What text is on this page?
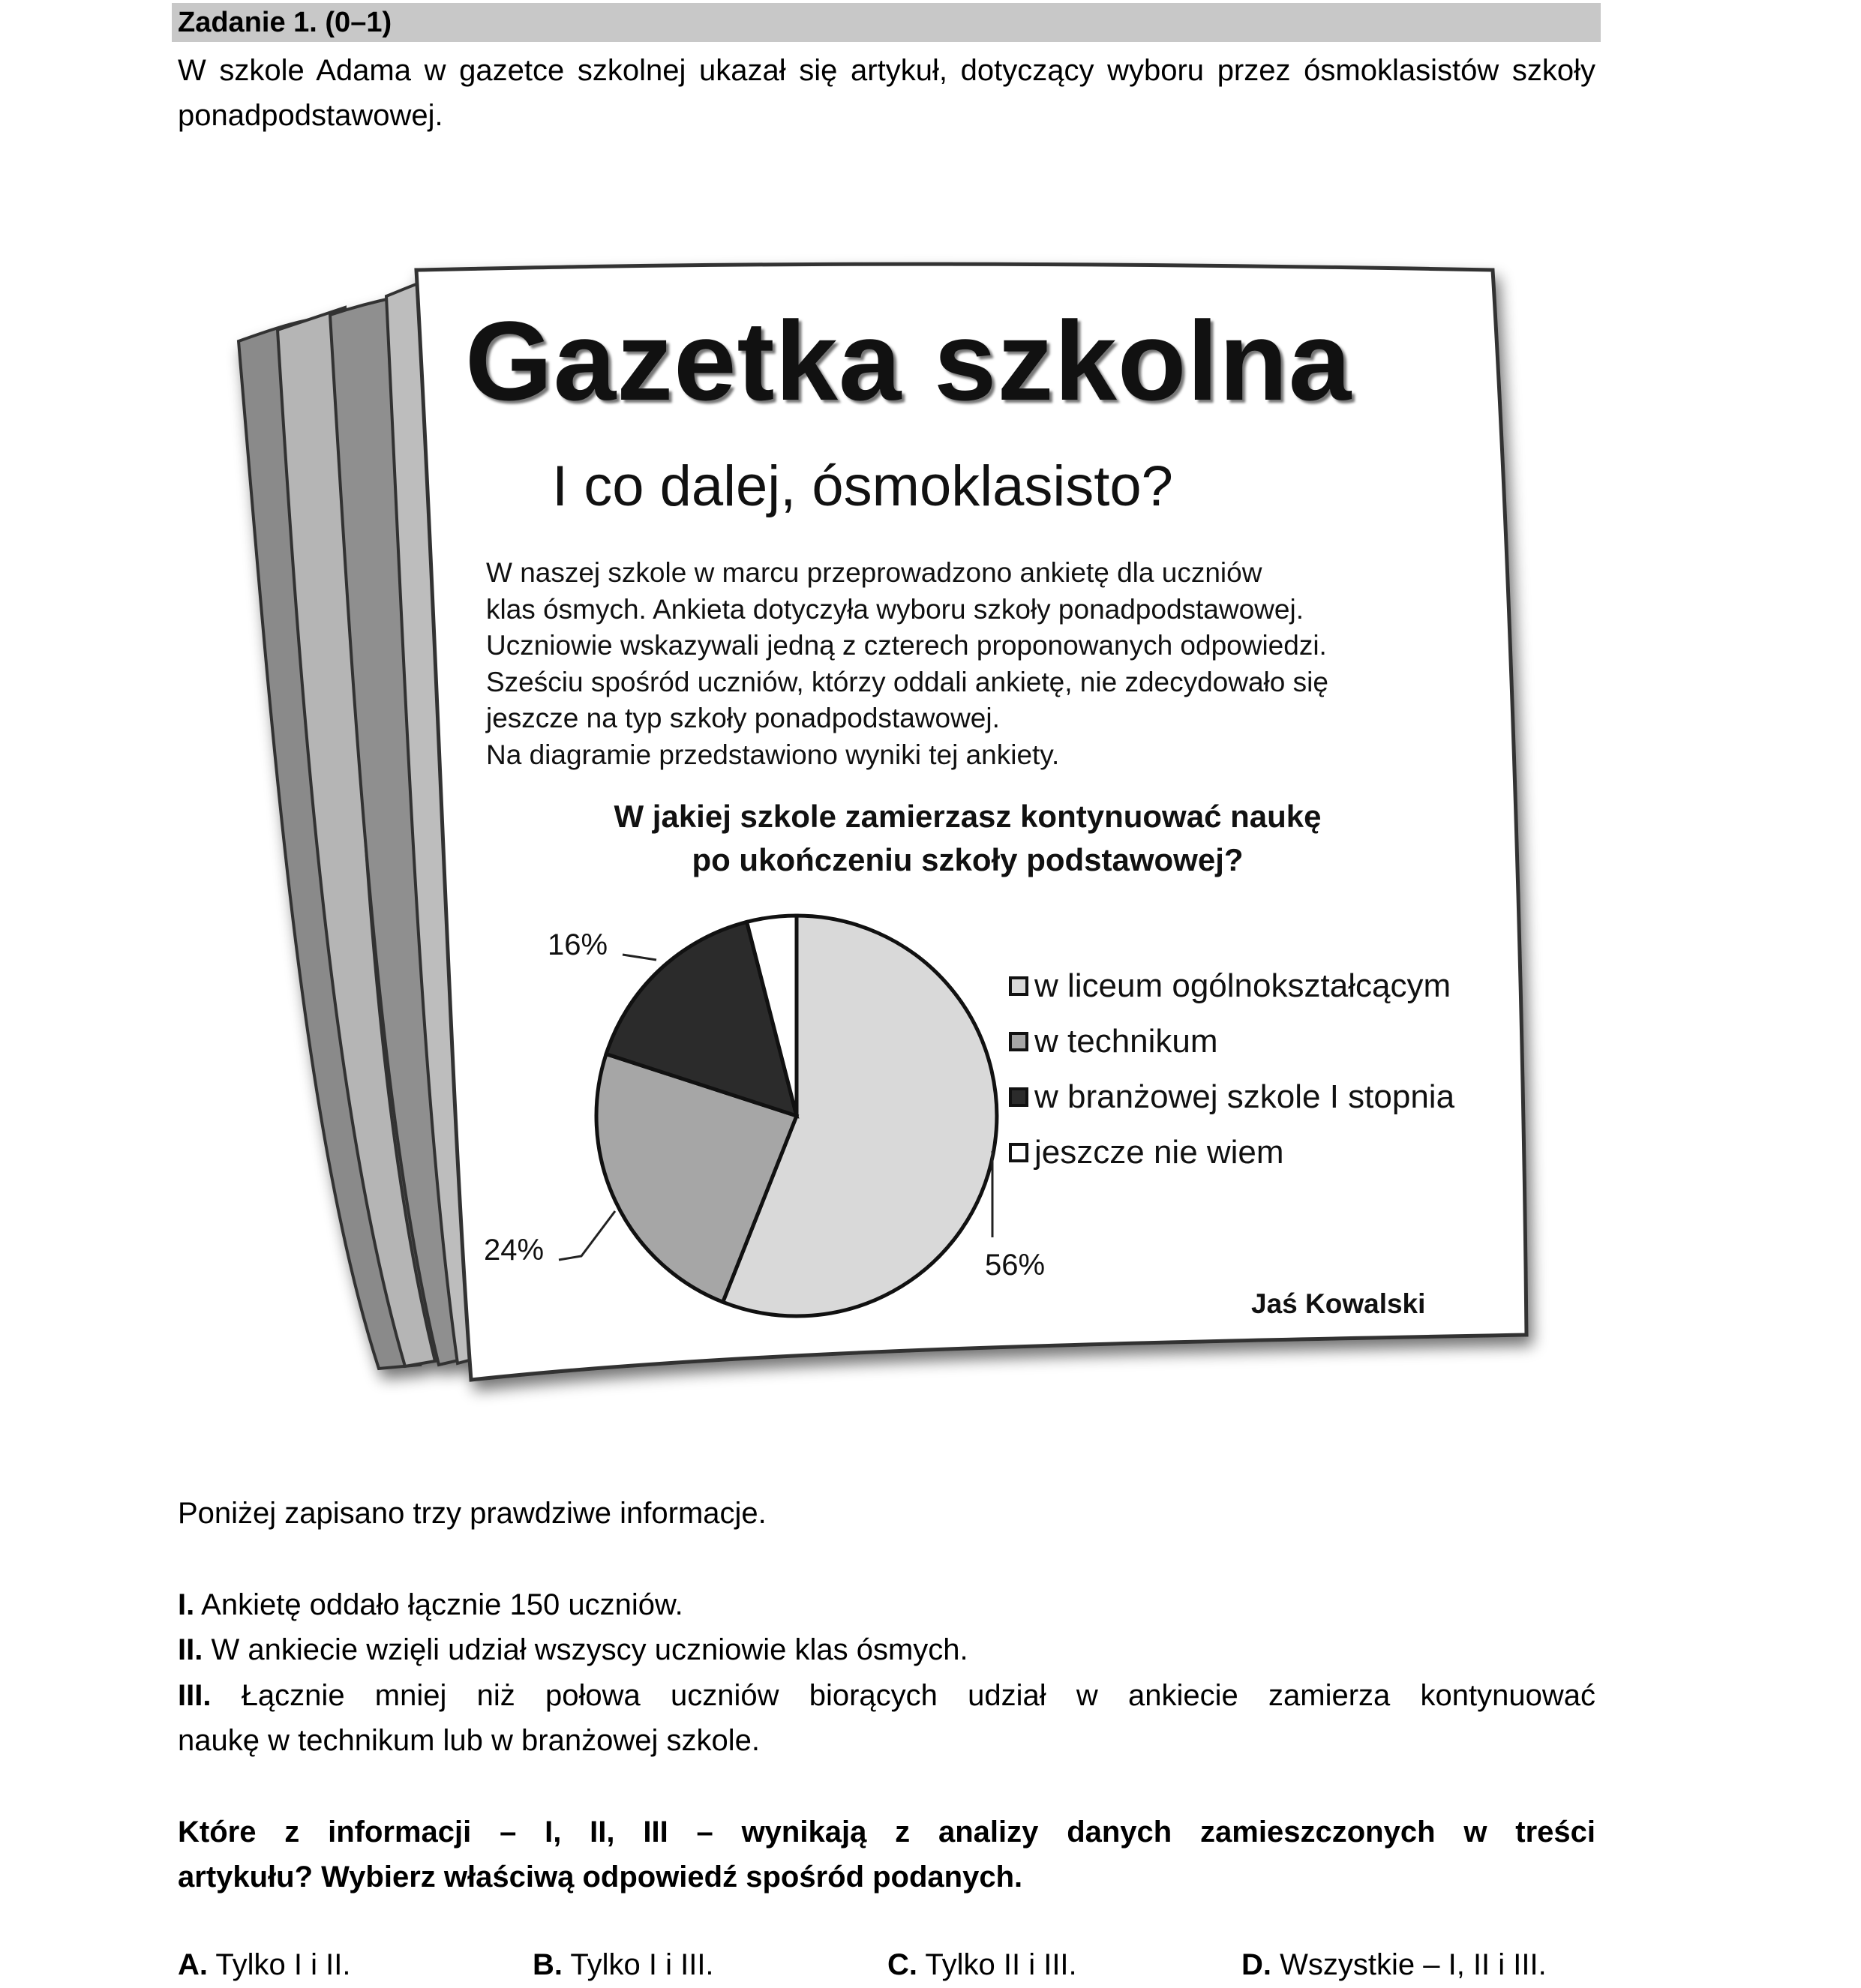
Zadanie 1. (0–1)
W szkole Adama w gazetce szkolnej ukazał się artykuł, dotyczący wyboru przez ósmoklasistów szkoły ponadpodstawowej.
Gazetka szkolna
I co dalej, ósmoklasisto?
W naszej szkole w marcu przeprowadzono ankietę dla uczniów
klas ósmych. Ankieta dotyczyła wyboru szkoły ponadpodstawowej.
Uczniowie wskazywali jedną z czterech proponowanych odpowiedzi.
Sześciu spośród uczniów, którzy oddali ankietę, nie zdecydowało się
jeszcze na typ szkoły ponadpodstawowej.
Na diagramie przedstawiono wyniki tej ankiety.
W jakiej szkole zamierzasz kontynuować naukę
po ukończeniu szkoły podstawowej?
16%
24%	56%
w liceum ogólnokształcącym
w technikum
w branżowej szkole I stopnia
jeszcze nie wiem
Jaś Kowalski
Poniżej zapisano trzy prawdziwe informacje.
I. Ankietę oddało łącznie 150 uczniów.
II. W ankiecie wzięli udział wszyscy uczniowie klas ósmych.
III. Łącznie mniej niż połowa uczniów biorących udział w ankiecie zamierza kontynuować
naukę w technikum lub w branżowej szkole.
Które z informacji – I, II, III – wynikają z analizy danych zamieszczonych w treści
artykułu? Wybierz właściwą odpowiedź spośród podanych.
A. Tylko I i II.	B. Tylko I i III.	C. Tylko II i III.	D. Wszystkie – I, II i III.
